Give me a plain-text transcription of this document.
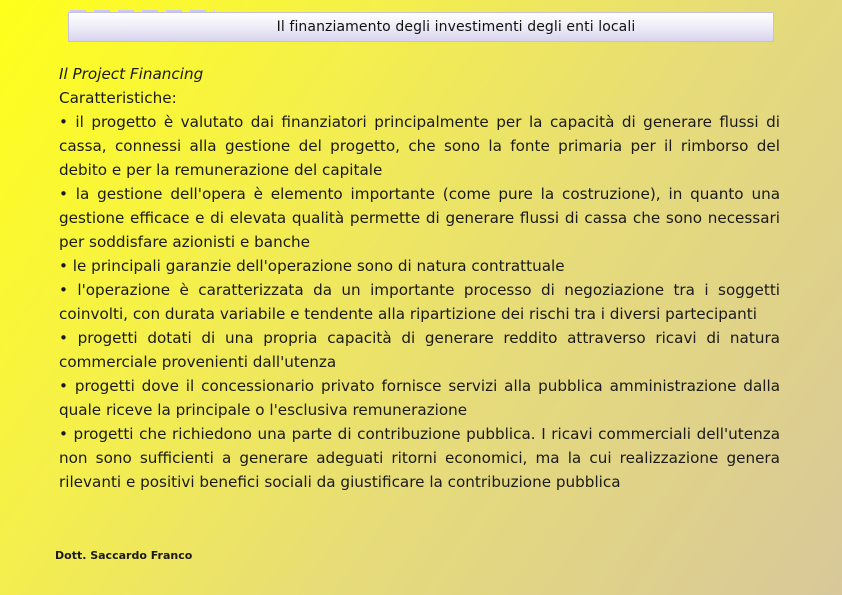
Il finanziamento degli investimenti degli enti locali
Il Project Financing
Caratteristiche:
• il progetto è valutato dai finanziatori principalmente per la capacità di generare flussi di cassa, connessi alla gestione del progetto, che sono la fonte primaria per il rimborso del debito e per la remunerazione del capitale
• la gestione dell'opera è elemento importante (come pure la costruzione), in quanto una gestione efficace e di elevata qualità permette di generare flussi di cassa che sono necessari per soddisfare azionisti e banche
• le principali garanzie dell'operazione sono di natura contrattuale
• l'operazione è caratterizzata da un importante processo di negoziazione tra i soggetti coinvolti, con durata variabile e tendente alla ripartizione dei rischi tra i diversi partecipanti
• progetti dotati di una propria capacità di generare reddito attraverso ricavi di natura commerciale provenienti dall'utenza
• progetti dove il concessionario privato fornisce servizi alla pubblica amministrazione dalla quale riceve la principale o l'esclusiva remunerazione
• progetti che richiedono una parte di contribuzione pubblica. I ricavi commerciali dell'utenza non sono sufficienti a generare adeguati ritorni economici, ma la cui realizzazione genera rilevanti e positivi benefici sociali da giustificare la contribuzione pubblica
Dott. Saccardo Franco
